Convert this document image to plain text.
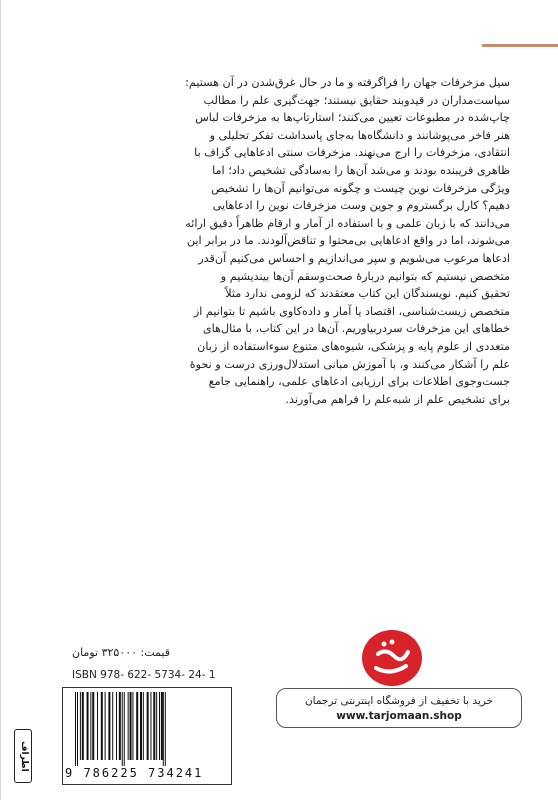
سیل مزخرفات جهان را فراگرفته و ما در حال غرق‌شدن در آن هستیم:

سیاست‌مداران در قیدوبند حقایق نیستند؛ جهت‌گیری علم را مطالب

چاپ‌شده در مطبوعات تعیین می‌کنند؛ استارتاپ‌ها به مزخرفات لباس

هنر فاخر می‌پوشانند و دانشگاه‌ها به‌جای پاسداشت تفکر تحلیلی و

انتقادی، مزخرفات را ارج می‌نهند. مزخرفات سنتی ادعاهایی گزاف با

ظاهری فریبنده بودند و می‌شد آن‌ها را به‌سادگی تشخیص داد؛ اما

ویژگی مزخرفات نوین چیست و چگونه می‌توانیم آن‌ها را تشخیص

دهیم؟ کارل برگستروم و جوین وست مزخرفات نوین را ادعاهایی

می‌دانند که با زبان علمی و با استفاده از آمار و ارقام ظاهراً دقیق ارائه

می‌شوند، اما در واقع ادعاهایی بی‌محتوا و تناقض‌آلودند. ما در برابر این

ادعاها مرعوب می‌شویم و سپر می‌اندازیم و احساس می‌کنیم آن‌قدر

متخصص نیستیم که بتوانیم دربارهٔ صحت‌وسقم آن‌ها بیندیشیم و

تحقیق کنیم. نویسندگان این کتاب معتقدند که لزومی ندارد مثلاً

متخصص زیست‌شناسی، اقتصاد یا آمار و داده‌کاوی باشیم تا بتوانیم از

خطاهای این مزخرفات سردربیاوریم. آن‌ها در این کتاب، با مثال‌های

متعددی از علوم پایه و پزشکی، شیوه‌های متنوع سوءاستفاده از زبان

علم را آشکار می‌کنند و، با آموزش مبانی استدلال‌ورزی درست و نحوهٔ

جست‌وجوی اطلاعات برای ارزیابی ادعاهای علمی، راهنمایی جامع

برای تشخیص علم از شبه‌علم را فراهم می‌آورند.

قیمت: ۳۲۵۰۰۰ تومان
ISBN 978- 622- 5734- 24- 1
9 786225 734241
اطراف
خرید با تخفیف از فروشگاه اینترنتی ترجمان
www.tarjomaan.shop
